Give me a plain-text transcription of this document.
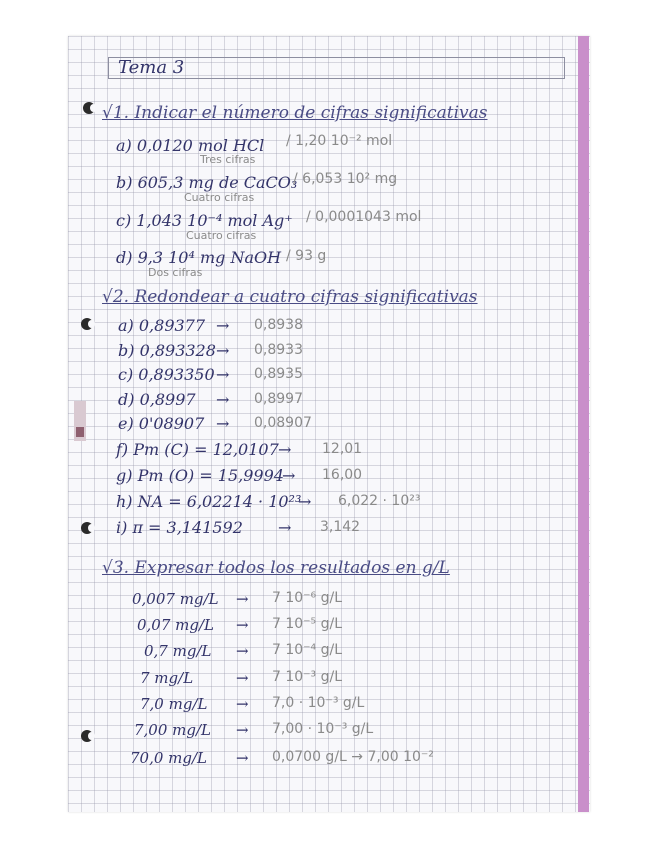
Tema 3
√1. Indicar el número de cifras significativas
a) 0,0120 mol HCl / 1,20 10⁻² mol
Tres cifras
b) 605,3 mg de CaCO₃
/ 6,053 10² mg
Cuatro cifras
c) 1,043 10⁻⁴ mol Ag⁺ / 0,0001043 mol
Cuatro cifras
d) 9,3 10⁴ mg NaOH / 93 g
Dos cifras
√2. Redondear a cuatro cifras significativas
a) 0,89377 → 0,8938
b) 0,893328 → 0,8933
c) 0,893350 → 0,8935
d) 0,8997 → 0,8997
e) 0'08907 → 0,08907
f) Pm (C) = 12,0107 → 12,01
g) Pm (O) = 15,9994
→ 16,00
h) NA = 6,02214 · 10²³
→ 6,022 · 10²³
i) π = 3,141592 → 3,142
√3. Expresar todos los resultados en g/L
0,007 mg/L → 7 10⁻⁶ g/L
0,07 mg/L → 7 10⁻⁵ g/L
0,7 mg/L → 7 10⁻⁴ g/L
7 mg/L	→ 7 10⁻³ g/L
7,0 mg/L → 7,0 · 10⁻³ g/L
7,00 mg/L → 7,00 · 10⁻³ g/L
70,0 mg/L → 0,0700 g/L → 7,00 10⁻²
